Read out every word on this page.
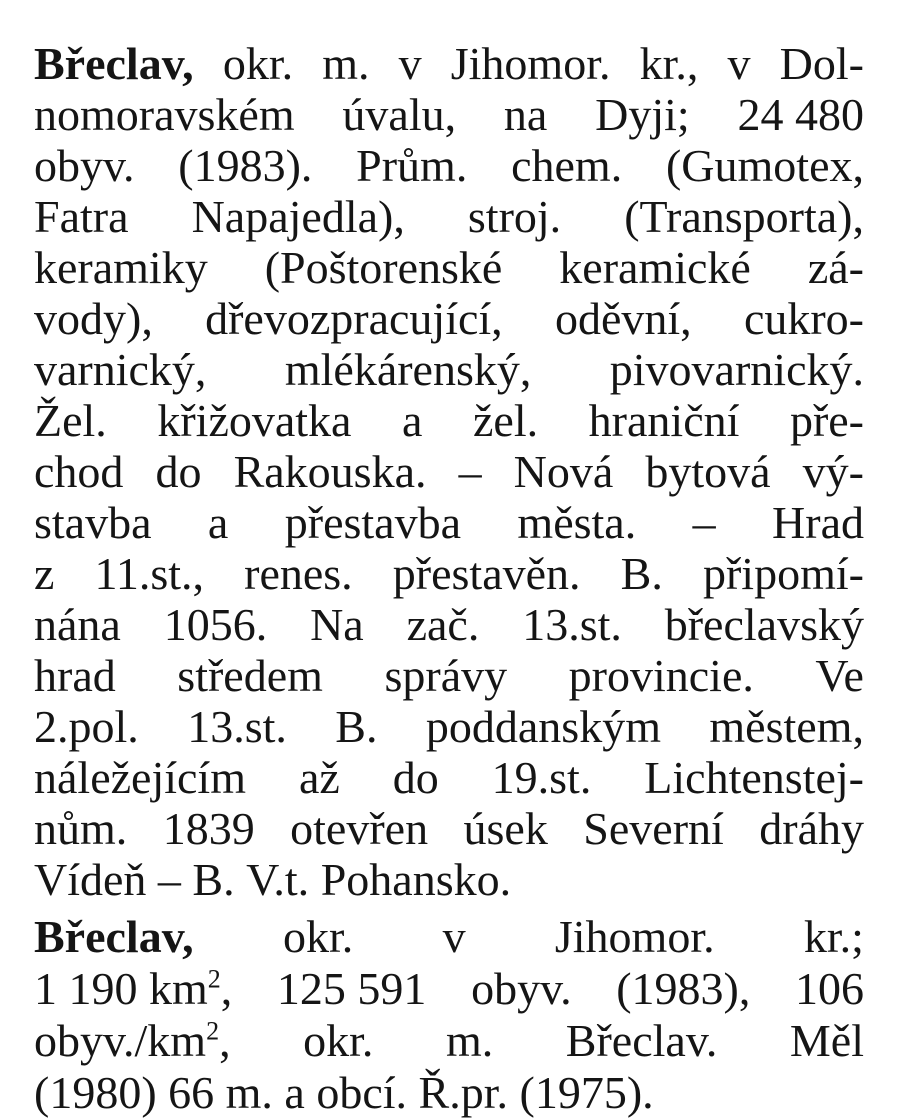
Břeclav, okr. m. v Jihomor. kr., v Dol-
nomoravském úvalu, na Dyji; 24 480
obyv. (1983). Prům. chem. (Gumotex,
Fatra Napajedla), stroj. (Transporta),
keramiky (Poštorenské keramické zá-
vody), dřevozpracující, oděvní, cukro-
varnický, mlékárenský, pivovarnický.
Žel. křižovatka a žel. hraniční pře-
chod do Rakouska. – Nová bytová vý-
stavba a přestavba města. – Hrad
z 11.st., renes. přestavěn. B. připomí-
nána 1056. Na zač. 13.st. břeclavský
hrad středem správy provincie. Ve
2.pol. 13.st. B. poddanským městem,
náležejícím až do 19.st. Lichtenstej-
nům. 1839 otevřen úsek Severní dráhy
Vídeň
–
B.
V.t.
Pohansko.
Břeclav, okr. v Jihomor. kr.;
1 190 $km^2$, 125 591 obyv. (1983), 106
$obyv./km^2$, okr. m. Břeclav. Měl
(1980)
66
m.
a
obcí.
Ř.pr.
(1975).
